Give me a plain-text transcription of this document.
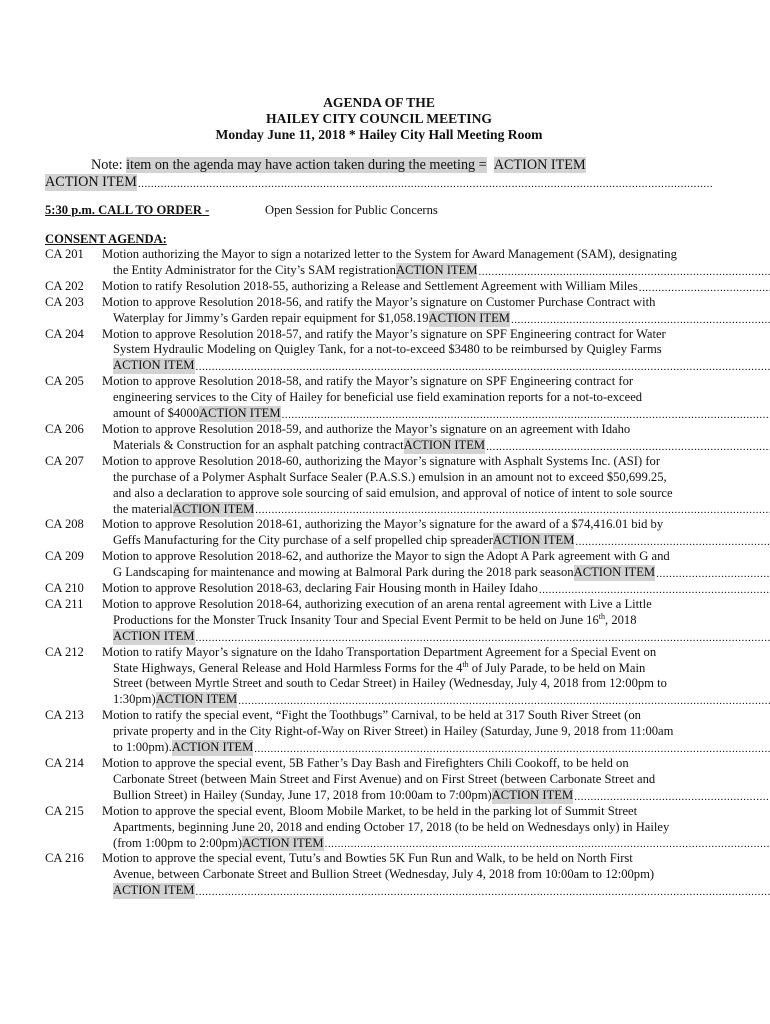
AGENDA OF THE
HAILEY CITY COUNCIL MEETING
Monday June 11, 2018 * Hailey City Hall Meeting Room
Note: item on the agenda may have action taken during the meeting = ACTION ITEM
ACTION ITEM
.....
5:30 p.m. CALL TO ORDER -	Open Session for Public Concerns
CONSENT AGENDA:
CA 201	Motion authorizing the Mayor to sign a notarized letter to the System for Award Management (SAM), designating
the Entity Administrator for the City’s SAM registration ACTION ITEM
.....
CA 202	Motion to ratify Resolution 2018-55, authorizing a Release and Settlement Agreement with William Miles
.....
CA 203	Motion to approve Resolution 2018-56, and ratify the Mayor’s signature on Customer Purchase Contract with
Waterplay for Jimmy’s Garden repair equipment for $1,058.19 ACTION ITEM
.....
CA 204	Motion to approve Resolution 2018-57, and ratify the Mayor’s signature on SPF Engineering contract for Water
System Hydraulic Modeling on Quigley Tank, for a not-to-exceed $3480 to be reimbursed by Quigley Farms
ACTION ITEM
.....
CA 205	Motion to approve Resolution 2018-58, and ratify the Mayor’s signature on SPF Engineering contract for
engineering services to the City of Hailey for beneficial use field examination reports for a not-to-exceed
amount of $4000 ACTION ITEM
.....
CA 206	Motion to approve Resolution 2018-59, and authorize the Mayor’s signature on an agreement with Idaho
Materials & Construction for an asphalt patching contract ACTION ITEM
.....
CA 207	Motion to approve Resolution 2018-60, authorizing the Mayor’s signature with Asphalt Systems Inc. (ASI) for
the purchase of a Polymer Asphalt Surface Sealer (P.A.S.S.) emulsion in an amount not to exceed $50,699.25,
and also a declaration to approve sole sourcing of said emulsion, and approval of notice of intent to sole source
the material ACTION ITEM
.....
CA 208	Motion to approve Resolution 2018-61, authorizing the Mayor’s signature for the award of a $74,416.01 bid by
Geffs Manufacturing for the City purchase of a self propelled chip spreader ACTION ITEM
.....
CA 209	Motion to approve Resolution 2018-62, and authorize the Mayor to sign the Adopt A Park agreement with G and
G Landscaping for maintenance and mowing at Balmoral Park during the 2018 park season ACTION ITEM
.....
CA 210	Motion to approve Resolution 2018-63, declaring Fair Housing month in Hailey Idaho
.....
CA 211	Motion to approve Resolution 2018-64, authorizing execution of an arena rental agreement with Live a Little
Productions for the Monster Truck Insanity Tour and Special Event Permit to be held on June 16th, 2018
ACTION ITEM
.....
CA 212	Motion to ratify Mayor’s signature on the Idaho Transportation Department Agreement for a Special Event on
State Highways, General Release and Hold Harmless Forms for the 4th of July Parade, to be held on Main
Street (between Myrtle Street and south to Cedar Street) in Hailey (Wednesday, July 4, 2018 from 12:00pm to
1:30pm) ACTION ITEM
.....
CA 213	Motion to ratify the special event, “Fight the Toothbugs” Carnival, to be held at 317 South River Street (on
private property and in the City Right-of-Way on River Street) in Hailey (Saturday, June 9, 2018 from 11:00am
to 1:00pm). ACTION ITEM
.....
CA 214	Motion to approve the special event, 5B Father’s Day Bash and Firefighters Chili Cookoff, to be held on
Carbonate Street (between Main Street and First Avenue) and on First Street (between Carbonate Street and
Bullion Street) in Hailey (Sunday, June 17, 2018 from 10:00am to 7:00pm) ACTION ITEM
.....
CA 215	Motion to approve the special event, Bloom Mobile Market, to be held in the parking lot of Summit Street
Apartments, beginning June 20, 2018 and ending October 17, 2018 (to be held on Wednesdays only) in Hailey
(from 1:00pm to 2:00pm) ACTION ITEM
.....
CA 216	Motion to approve the special event, Tutu’s and Bowties 5K Fun Run and Walk, to be held on North First
Avenue, between Carbonate Street and Bullion Street (Wednesday, July 4, 2018 from 10:00am to 12:00pm)
ACTION ITEM
.....
